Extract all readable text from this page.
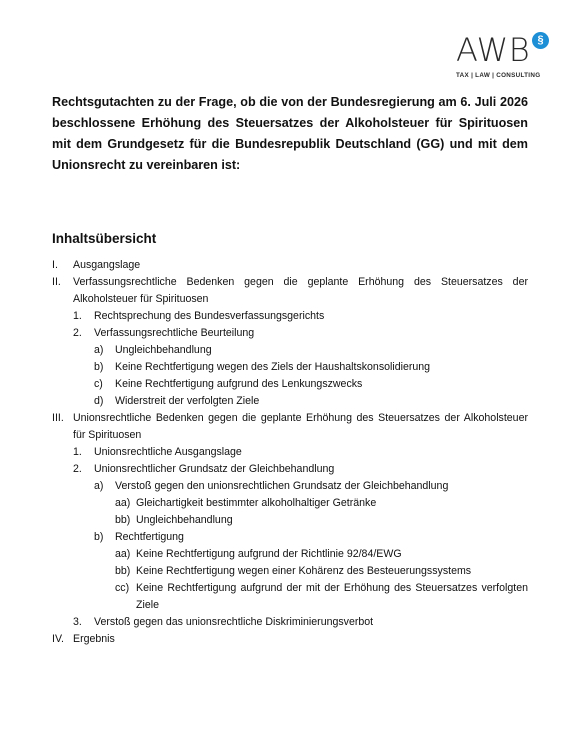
AWB §
TAX | LAW | CONSULTING
Rechtsgutachten zu der Frage, ob die von der Bundesregierung am 6. Juli 2026 beschlossene Erhöhung des Steuersatzes der Alkoholsteuer für Spirituosen mit dem Grundgesetz für die Bundesrepublik Deutschland (GG) und mit dem Unionsrecht zu vereinbaren ist:
Inhaltsübersicht
I.	Ausgangslage
II.	Verfassungsrechtliche Bedenken gegen die geplante Erhöhung des Steuersatzes der Alkoholsteuer für Spirituosen
1.	Rechtsprechung des Bundesverfassungsgerichts
2.	Verfassungsrechtliche Beurteilung
a)	Ungleichbehandlung
b)	Keine Rechtfertigung wegen des Ziels der Haushaltskonsolidierung
c)	Keine Rechtfertigung aufgrund des Lenkungszwecks
d)	Widerstreit der verfolgten Ziele
III. Unionsrechtliche Bedenken gegen die geplante Erhöhung des Steuersatzes der Alkoholsteuer für Spirituosen
1.	Unionsrechtliche Ausgangslage
2.	Unionsrechtlicher Grundsatz der Gleichbehandlung
a)	Verstoß gegen den unionsrechtlichen Grundsatz der Gleichbehandlung
aa) Gleichartigkeit bestimmter alkoholhaltiger Getränke
bb) Ungleichbehandlung
b)	Rechtfertigung
aa) Keine Rechtfertigung aufgrund der Richtlinie 92/84/EWG
bb) Keine Rechtfertigung wegen einer Kohärenz des Besteuerungssystems
cc) Keine Rechtfertigung aufgrund der mit der Erhöhung des Steuersatzes verfolgten Ziele
3.	Verstoß gegen das unionsrechtliche Diskriminierungsverbot
IV. Ergebnis
